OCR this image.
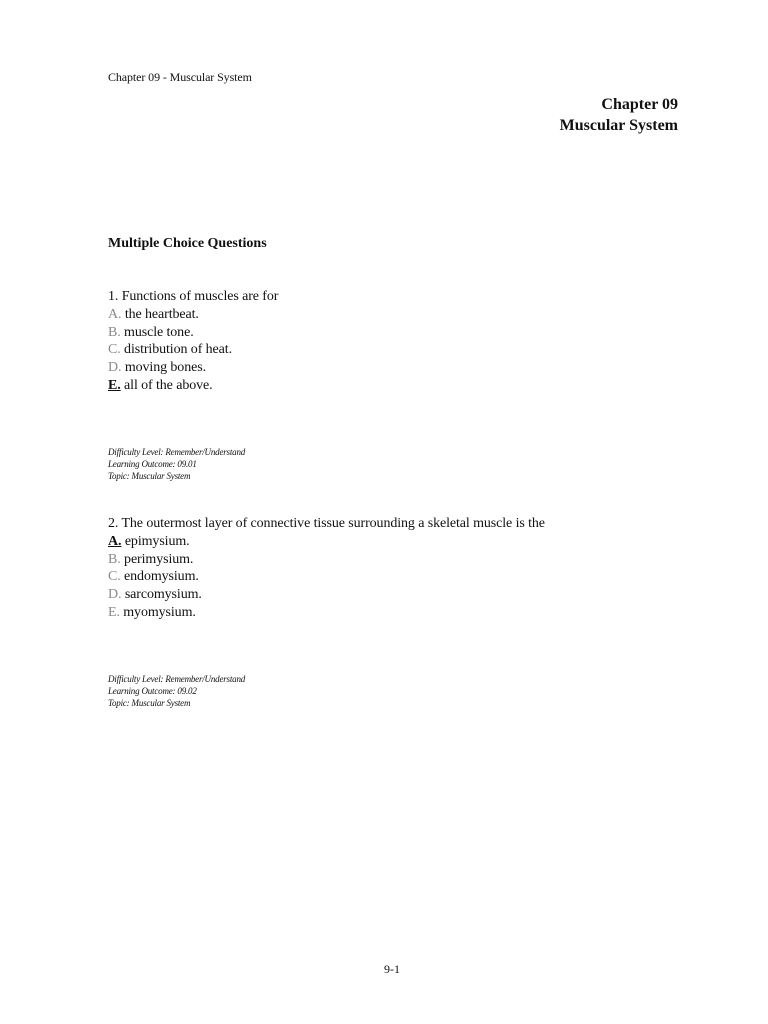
Chapter 09 - Muscular System
Chapter 09
Muscular System
Multiple Choice Questions

1. Functions of muscles are for

A. the heartbeat.

B. muscle tone.

C. distribution of heat.

D. moving bones.

E. all of the above.

Difficulty Level: Remember/Understand

Learning Outcome: 09.01

Topic: Muscular System

2. The outermost layer of connective tissue surrounding a skeletal muscle is the

A. epimysium.

B. perimysium.

C. endomysium.

D. sarcomysium.

E. myomysium.

Difficulty Level: Remember/Understand

Learning Outcome: 09.02

Topic: Muscular System

9-1
